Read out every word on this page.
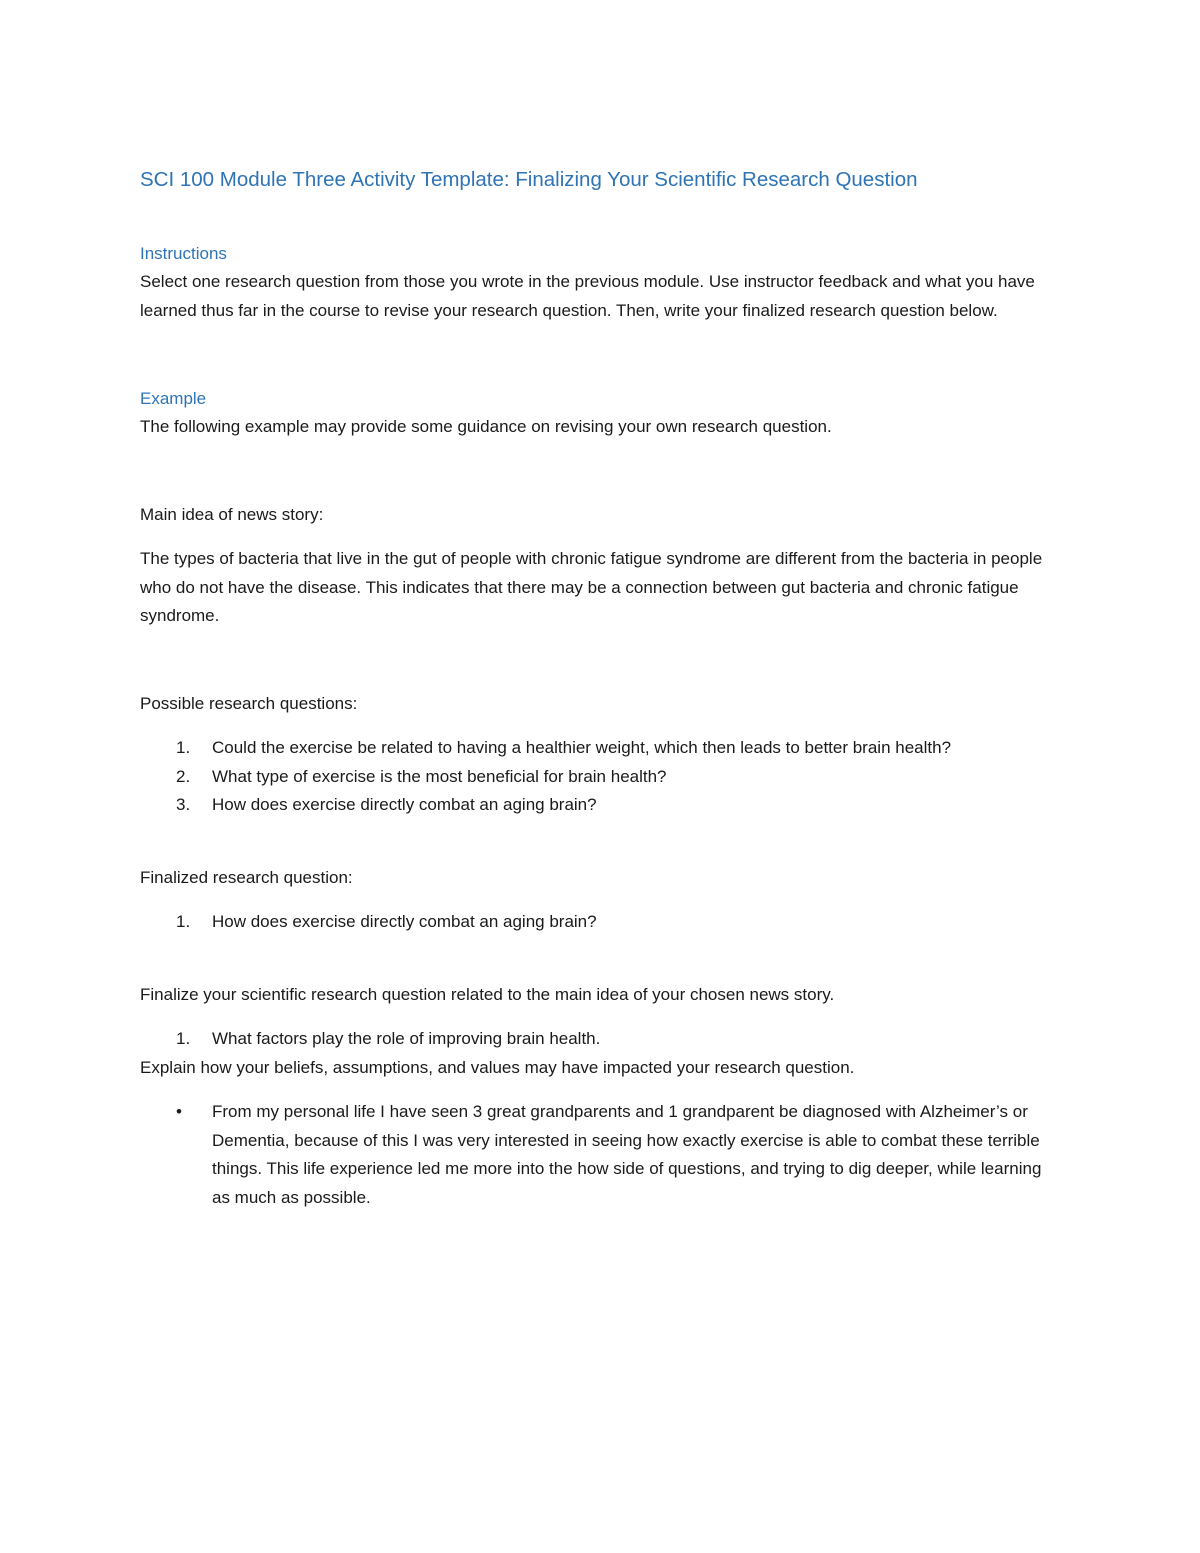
SCI 100 Module Three Activity Template: Finalizing Your Scientific Research Question
Instructions

Select one research question from those you wrote in the previous module. Use instructor feedback and what you have learned thus far in the course to revise your research question. Then, write your finalized research question below.

Example

The following example may provide some guidance on revising your own research question.

Main idea of news story:

The types of bacteria that live in the gut of people with chronic fatigue syndrome are different from the bacteria in people who do not have the disease. This indicates that there may be a connection between gut bacteria and chronic fatigue syndrome.

Possible research questions:

1. Could the exercise be related to having a healthier weight, which then leads to better brain health?
2. What type of exercise is the most beneficial for brain health?
3. How does exercise directly combat an aging brain?

Finalized research question:

1. How does exercise directly combat an aging brain?

Finalize your scientific research question related to the main idea of your chosen news story.

1. What factors play the role of improving brain health.

Explain how your beliefs, assumptions, and values may have impacted your research question.

• From my personal life I have seen 3 great grandparents and 1 grandparent be diagnosed with Alzheimer’s or Dementia, because of this I was very interested in seeing how exactly exercise is able to combat these terrible things. This life experience led me more into the how side of questions, and trying to dig deeper, while learning as much as possible.
